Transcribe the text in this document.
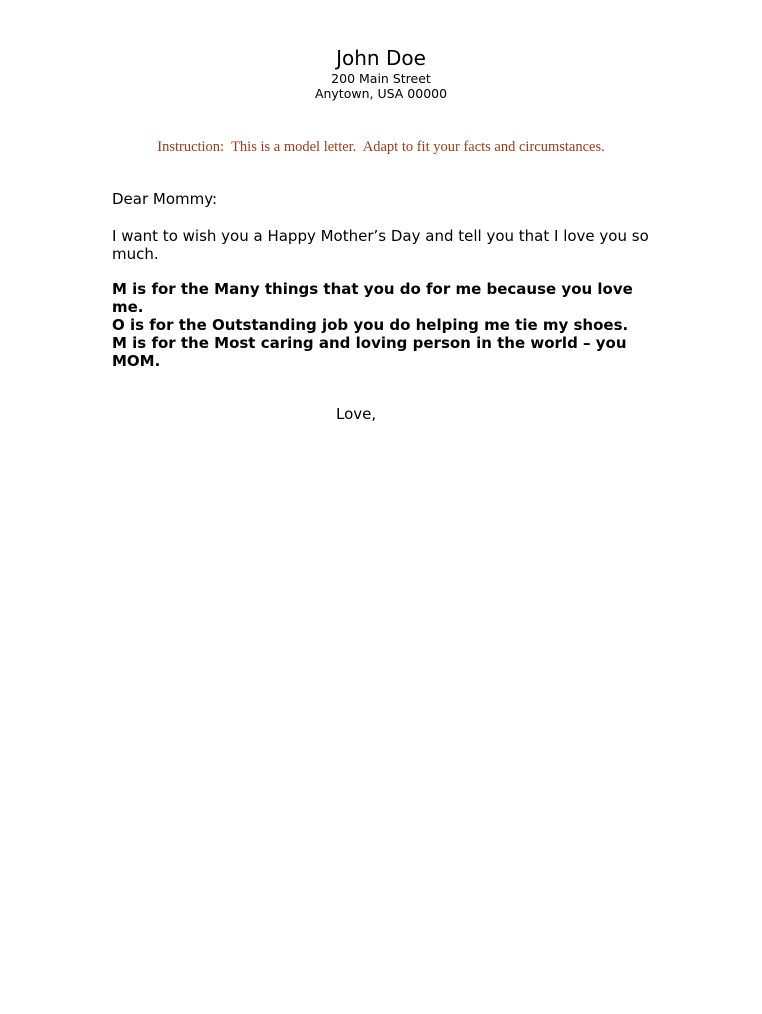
John Doe
200 Main Street
Anytown, USA 00000
Instruction:  This is a model letter.  Adapt to fit your facts and circumstances.
Dear Mommy:
I want to wish you a Happy Mother’s Day and tell you that I love you so much.
M is for the Many things that you do for me because you love me.
O is for the Outstanding job you do helping me tie my shoes.
M is for the Most caring and loving person in the world – you MOM.
Love,
